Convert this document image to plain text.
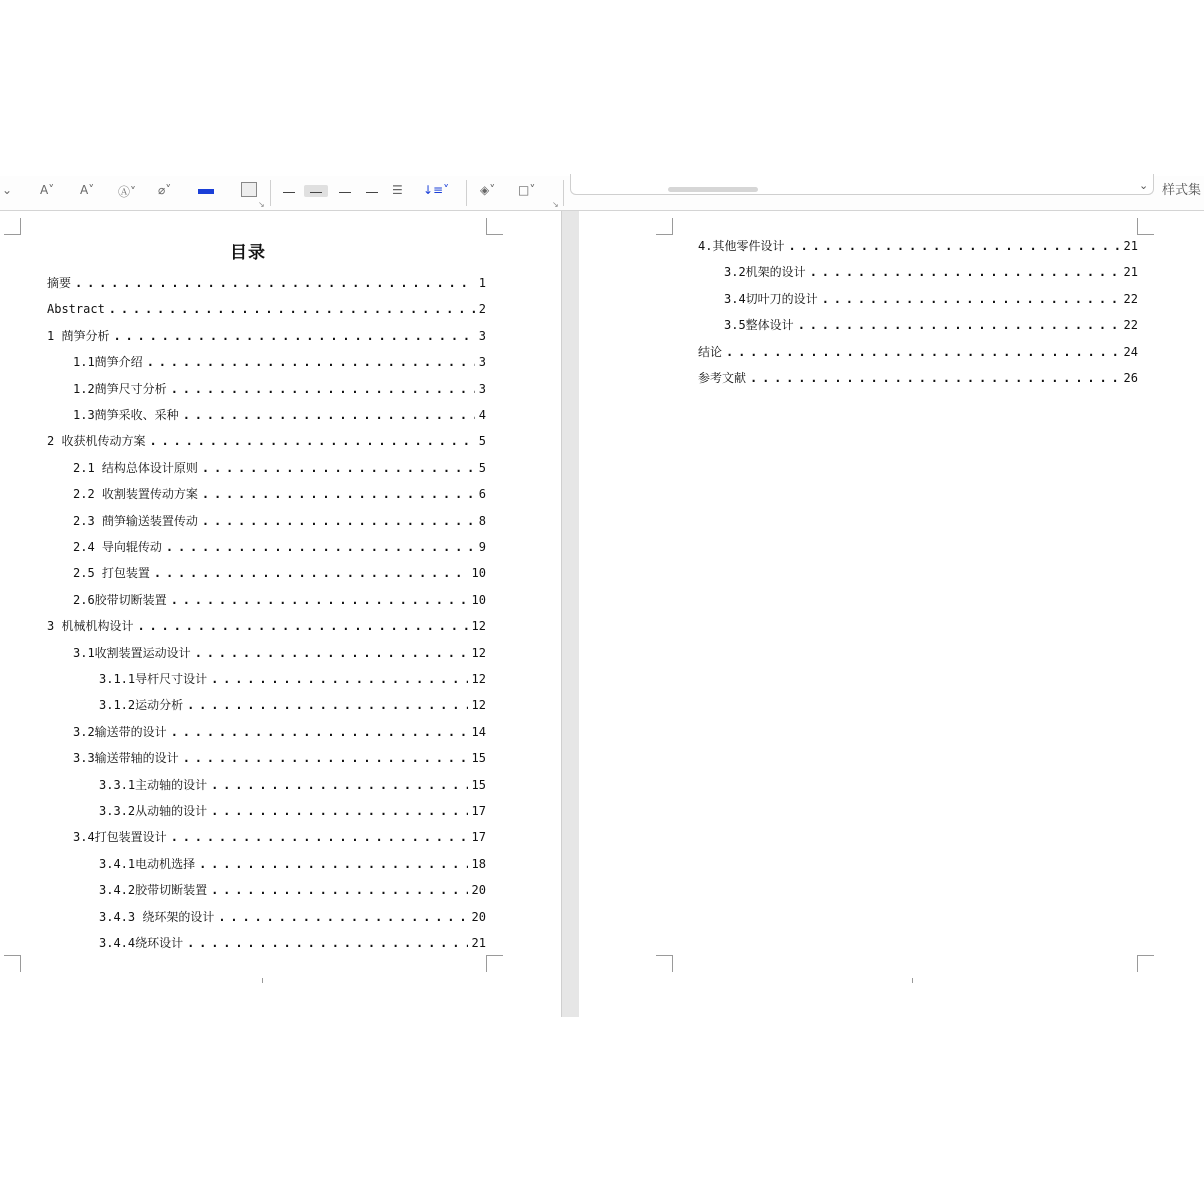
⌄ A˅ A˅ Ⓐ˅ ⌀˅
↘
☰ ↓≡˅	◈˅ □˅
↘
⌄ 样式集
目录
摘要 . . .	1
Abstract . . .	2
1 蔄笋分析 . . .	3
1.1蔄笋介绍 . . .	3
1.2蔄笋尺寸分析 . . .	3
1.3蔄笋采收、采种 . . .	4
2 收获机传动方案 . . .	5
2.1 结构总体设计原则 . . .	5
2.2 收割装置传动方案 . . .	6
2.3 蔄笋输送装置传动 . . .	8
2.4 导向辊传动 . . .	9
2.5 打包装置 . . .	10
2.6胶带切断装置 . . .	10
3 机械机构设计 . . .	12
3.1收割装置运动设计 . . .	12
3.1.1导杆尺寸设计 . . .	12
3.1.2运动分析 . . .	12
3.2输送带的设计 . . .	14
3.3输送带轴的设计 . . .	15
3.3.1主动轴的设计 . . .	15
3.3.2从动轴的设计 . . .	17
3.4打包装置设计 . . .	17
3.4.1电动机选择 . . .	18
3.4.2胶带切断装置 . . .	20
3.4.3 绕环架的设计 . . .	20
3.4.4绕环设计 . . .	21
4.其他零件设计 . . .	21
3.2机架的设计 . . .	21
3.4切叶刀的设计 . . .	22
3.5整体设计 . . .	22
结论 . . .	24
参考文献 . . .	26
